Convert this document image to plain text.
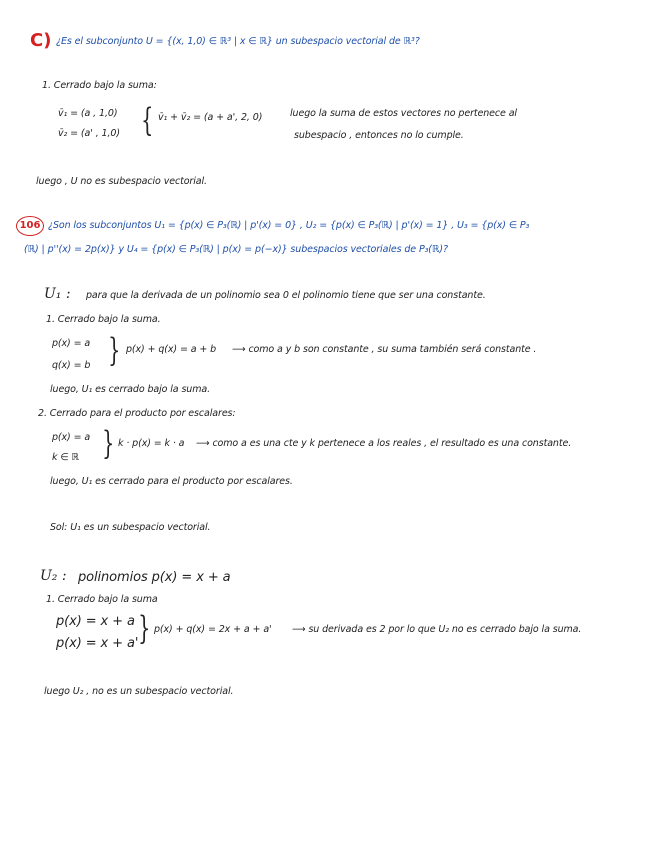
C) ¿Es el subconjunto U = {(x, 1,0) ∈ ℝ³ | x ∈ ℝ} un subespacio vectorial de ℝ³?
1. Cerrado bajo la suma:
v̄₁ = (a , 1,0)
v̄₂ = (a' , 1,0) { v̄₁ + v̄₂ = (a + a', 2, 0)	luego la suma de estos vectores no pertenece al
subespacio , entonces no lo cumple.
luego , U no es subespacio vectorial.
106 ¿Son los subconjuntos U₁ = {p(x) ∈ P₃(ℝ) | p'(x) = 0} , U₂ = {p(x) ∈ P₃(ℝ) | p'(x) = 1} , U₃ = {p(x) ∈ P₃
(ℝ) | p''(x) = 2p(x)} y U₄ = {p(x) ∈ P₃(ℝ) | p(x) = p(−x)} subespacios vectoriales de P₃(ℝ)?
U₁ : para que la derivada de un polinomio sea 0 el polinomio tiene que ser una constante.
1. Cerrado bajo la suma.
p(x) = a
q(x) = b } p(x) + q(x) = a + b ⟶ como a y b son constante , su suma también será constante .
luego, U₁ es cerrado bajo la suma.
2. Cerrado para el producto por escalares:
p(x) = a
k ∈ ℝ } k · p(x) = k · a ⟶ como a es una cte y k pertenece a los reales , el resultado es una constante.
luego, U₁ es cerrado para el producto por escalares.
Sol: U₁ es un subespacio vectorial.
U₂ : polinomios p(x) = x + a
1. Cerrado bajo la suma
p(x) = x + a
p(x) = x + a' } p(x) + q(x) = 2x + a + a' ⟶ su derivada es 2 por lo que U₂ no es cerrado bajo la suma.
luego U₂ , no es un subespacio vectorial.
